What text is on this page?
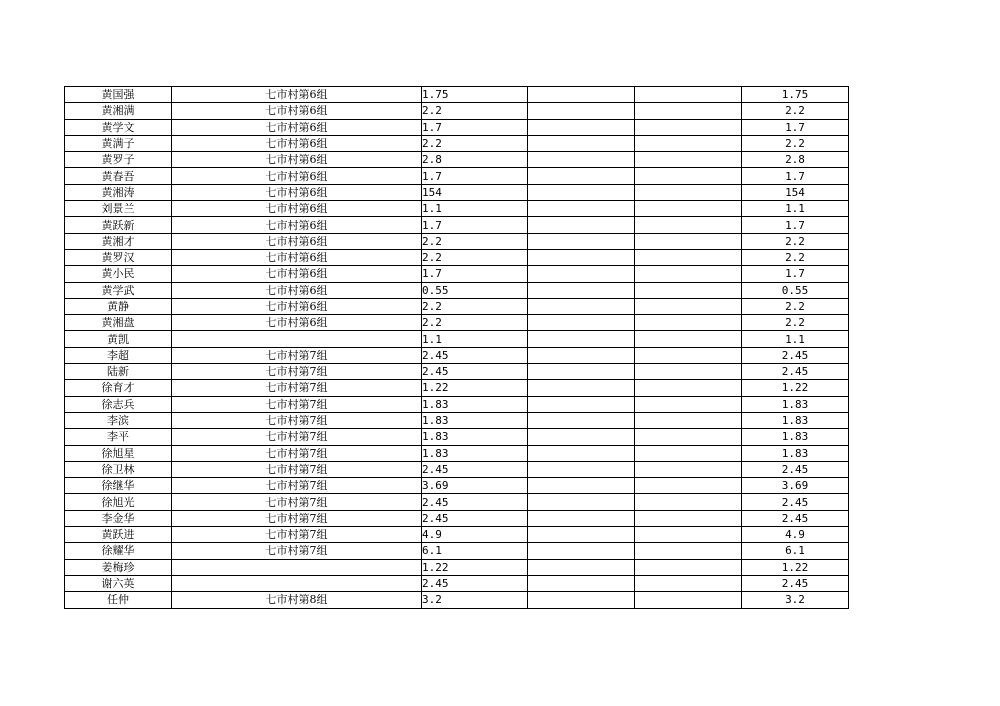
黄国强	七市村第6组	1.75			1.75
黄湘满	七市村第6组	2.2			2.2
黄学文	七市村第6组	1.7			1.7
黄满子	七市村第6组	2.2			2.2
黄罗子	七市村第6组	2.8			2.8
黄春吾	七市村第6组	1.7			1.7
黄湘涛	七市村第6组	154			154
刘景兰	七市村第6组	1.1			1.1
黄跃新	七市村第6组	1.7			1.7
黄湘才	七市村第6组	2.2			2.2
黄罗汉	七市村第6组	2.2			2.2
黄小民	七市村第6组	1.7			1.7
黄学武	七市村第6组	0.55			0.55
黄静	七市村第6组	2.2			2.2
黄湘盘	七市村第6组	2.2			2.2
黄凯		1.1			1.1
李超	七市村第7组	2.45			2.45
陆新	七市村第7组	2.45			2.45
徐育才	七市村第7组	1.22			1.22
徐志兵	七市村第7组	1.83			1.83
李滨	七市村第7组	1.83			1.83
李平	七市村第7组	1.83			1.83
徐旭星	七市村第7组	1.83			1.83
徐卫林	七市村第7组	2.45			2.45
徐继华	七市村第7组	3.69			3.69
徐旭光	七市村第7组	2.45			2.45
李金华	七市村第7组	2.45			2.45
黄跃进	七市村第7组	4.9			4.9
徐耀华	七市村第7组	6.1			6.1
姜梅珍		1.22			1.22
谢六英		2.45			2.45
任仲	七市村第8组	3.2			3.2
